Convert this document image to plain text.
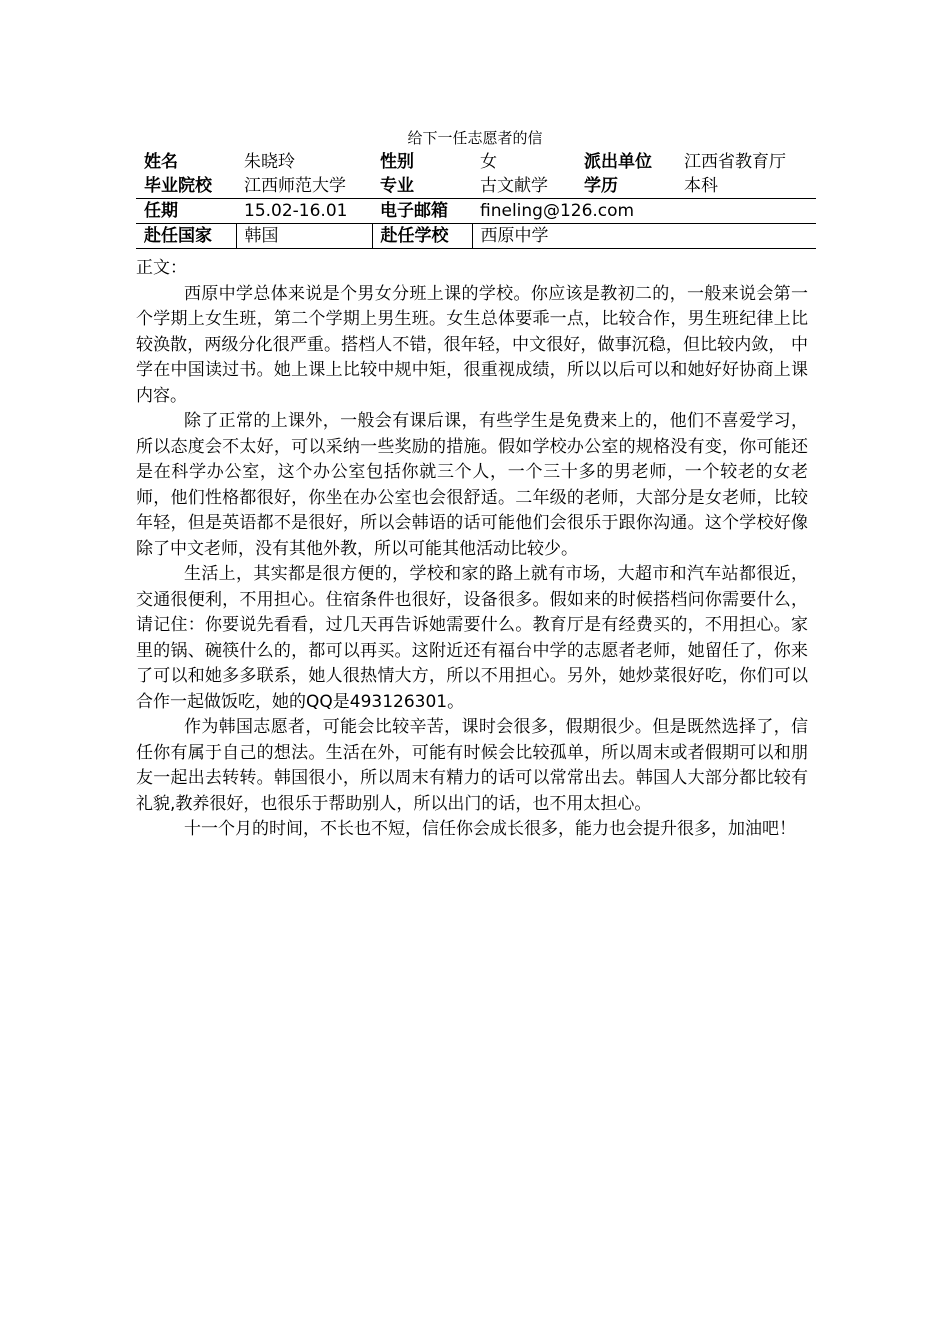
给下一任志愿者的信
姓名	朱晓玲	性别	女	派出单位	江西省教育厅
毕业院校	江西师范大学	专业	古文献学	学历	本科
任期	15.02-16.01	电子邮箱	fineling@126.com		
赴任国家	韩国	赴任学校	西原中学		
正文：

西原中学总体来说是个男女分班上课的学校。你应该是教初二的，一般来说会第一个学期上女生班，第二个学期上男生班。女生总体要乖一点，比较合作，男生班纪律上比较涣散，两级分化很严重。搭档人不错，很年轻，中文很好，做事沉稳，但比较内敛， 中学在中国读过书。她上课上比较中规中矩，很重视成绩，所以以后可以和她好好协商上课内容。

除了正常的上课外，一般会有课后课，有些学生是免费来上的，他们不喜爱学习，所以态度会不太好，可以采纳一些奖励的措施。假如学校办公室的规格没有变，你可能还是在科学办公室，这个办公室包括你就三个人，一个三十多的男老师，一个较老的女老师，他们性格都很好，你坐在办公室也会很舒适。二年级的老师，大部分是女老师，比较年轻，但是英语都不是很好，所以会韩语的话可能他们会很乐于跟你沟通。这个学校好像除了中文老师，没有其他外教，所以可能其他活动比较少。

生活上，其实都是很方便的，学校和家的路上就有市场，大超市和汽车站都很近，交通很便利，不用担心。住宿条件也很好，设备很多。假如来的时候搭档问你需要什么，请记住：你要说先看看，过几天再告诉她需要什么。教育厅是有经费买的，不用担心。家里的锅、碗筷什么的，都可以再买。这附近还有福台中学的志愿者老师，她留任了，你来了可以和她多多联系，她人很热情大方，所以不用担心。另外，她炒菜很好吃，你们可以合作一起做饭吃，她的QQ是493126301。

作为韩国志愿者，可能会比较辛苦，课时会很多，假期很少。但是既然选择了，信任你有属于自己的想法。生活在外，可能有时候会比较孤单，所以周末或者假期可以和朋友一起出去转转。韩国很小，所以周末有精力的话可以常常出去。韩国人大部分都比较有礼貌,教养很好，也很乐于帮助别人，所以出门的话，也不用太担心。

十一个月的时间，不长也不短，信任你会成长很多，能力也会提升很多，加油吧！
